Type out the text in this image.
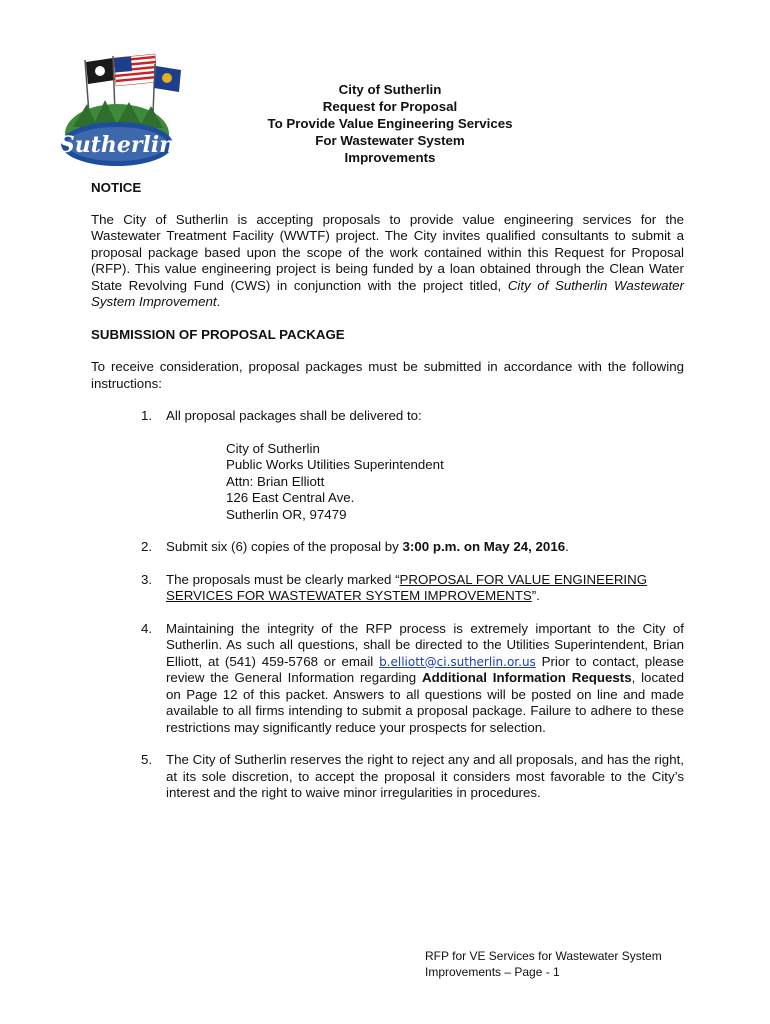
Sutherlin
City of Sutherlin
Request for Proposal
To Provide Value Engineering Services
For Wastewater System
Improvements
NOTICE

The City of Sutherlin is accepting proposals to provide value engineering services for the Wastewater Treatment Facility (WWTF) project. The City invites qualified consultants to submit a proposal package based upon the scope of the work contained within this Request for Proposal (RFP). This value engineering project is being funded by a loan obtained through the Clean Water State Revolving Fund (CWS) in conjunction with the project titled, City of Sutherlin Wastewater System Improvement.

SUBMISSION OF PROPOSAL PACKAGE

To receive consideration, proposal packages must be submitted in accordance with the following instructions:

1.	All proposal packages shall be delivered to:
City of Sutherlin
Public Works Utilities Superintendent
Attn: Brian Elliott
126 East Central Ave.
Sutherlin OR, 97479
2.	Submit six (6) copies of the proposal by 3:00 p.m. on May 24, 2016.
3.	The proposals must be clearly marked “PROPOSAL FOR VALUE ENGINEERING SERVICES FOR WASTEWATER SYSTEM IMPROVEMENTS”.
4.	Maintaining the integrity of the RFP process is extremely important to the City of Sutherlin. As such all questions, shall be directed to the Utilities Superintendent, Brian Elliott, at (541) 459-5768 or email b.elliott@ci.sutherlin.or.us Prior to contact, please review the General Information regarding Additional Information Requests, located on Page 12 of this packet. Answers to all questions will be posted on line and made available to all firms intending to submit a proposal package. Failure to adhere to these restrictions may significantly reduce your prospects for selection.
5.	The City of Sutherlin reserves the right to reject any and all proposals, and has the right, at its sole discretion, to accept the proposal it considers most favorable to the City’s interest and the right to waive minor irregularities in procedures.
RFP for VE Services for Wastewater System
Improvements – Page - 1
